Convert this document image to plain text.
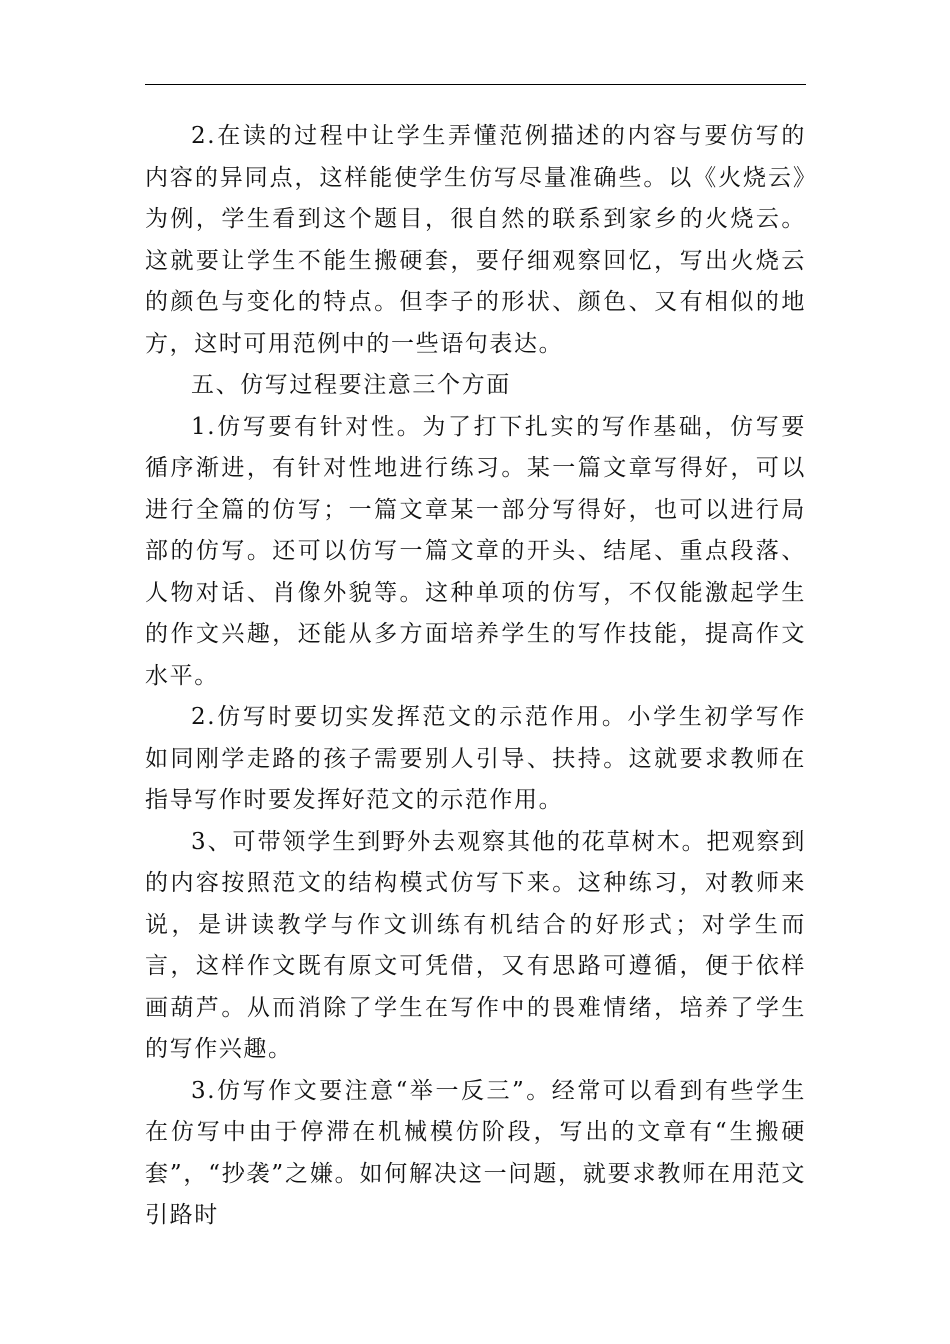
2.在读的过程中让学生弄懂范例描述的内容与要仿写的内容的异同点，这样能使学生仿写尽量准确些。以《火烧云》为例，学生看到这个题目，很自然的联系到家乡的火烧云。这就要让学生不能生搬硬套，要仔细观察回忆，写出火烧云的颜色与变化的特点。但李子的形状、颜色、又有相似的地方，这时可用范例中的一些语句表达。

五、仿写过程要注意三个方面

1.仿写要有针对性。为了打下扎实的写作基础，仿写要循序渐进，有针对性地进行练习。某一篇文章写得好，可以进行全篇的仿写；一篇文章某一部分写得好，也可以进行局部的仿写。还可以仿写一篇文章的开头、结尾、重点段落、人物对话、肖像外貌等。这种单项的仿写，不仅能激起学生的作文兴趣，还能从多方面培养学生的写作技能，提高作文水平。

2.仿写时要切实发挥范文的示范作用。小学生初学写作如同刚学走路的孩子需要别人引导、扶持。这就要求教师在指导写作时要发挥好范文的示范作用。

3、可带领学生到野外去观察其他的花草树木。把观察到的内容按照范文的结构模式仿写下来。这种练习，对教师来说，是讲读教学与作文训练有机结合的好形式；对学生而言，这样作文既有原文可凭借，又有思路可遵循，便于依样画葫芦。从而消除了学生在写作中的畏难情绪，培养了学生的写作兴趣。

3.仿写作文要注意“举一反三”。经常可以看到有些学生在仿写中由于停滞在机械模仿阶段，写出的文章有“生搬硬套”，“抄袭”之嫌。如何解决这一问题，就要求教师在用范文引路时
